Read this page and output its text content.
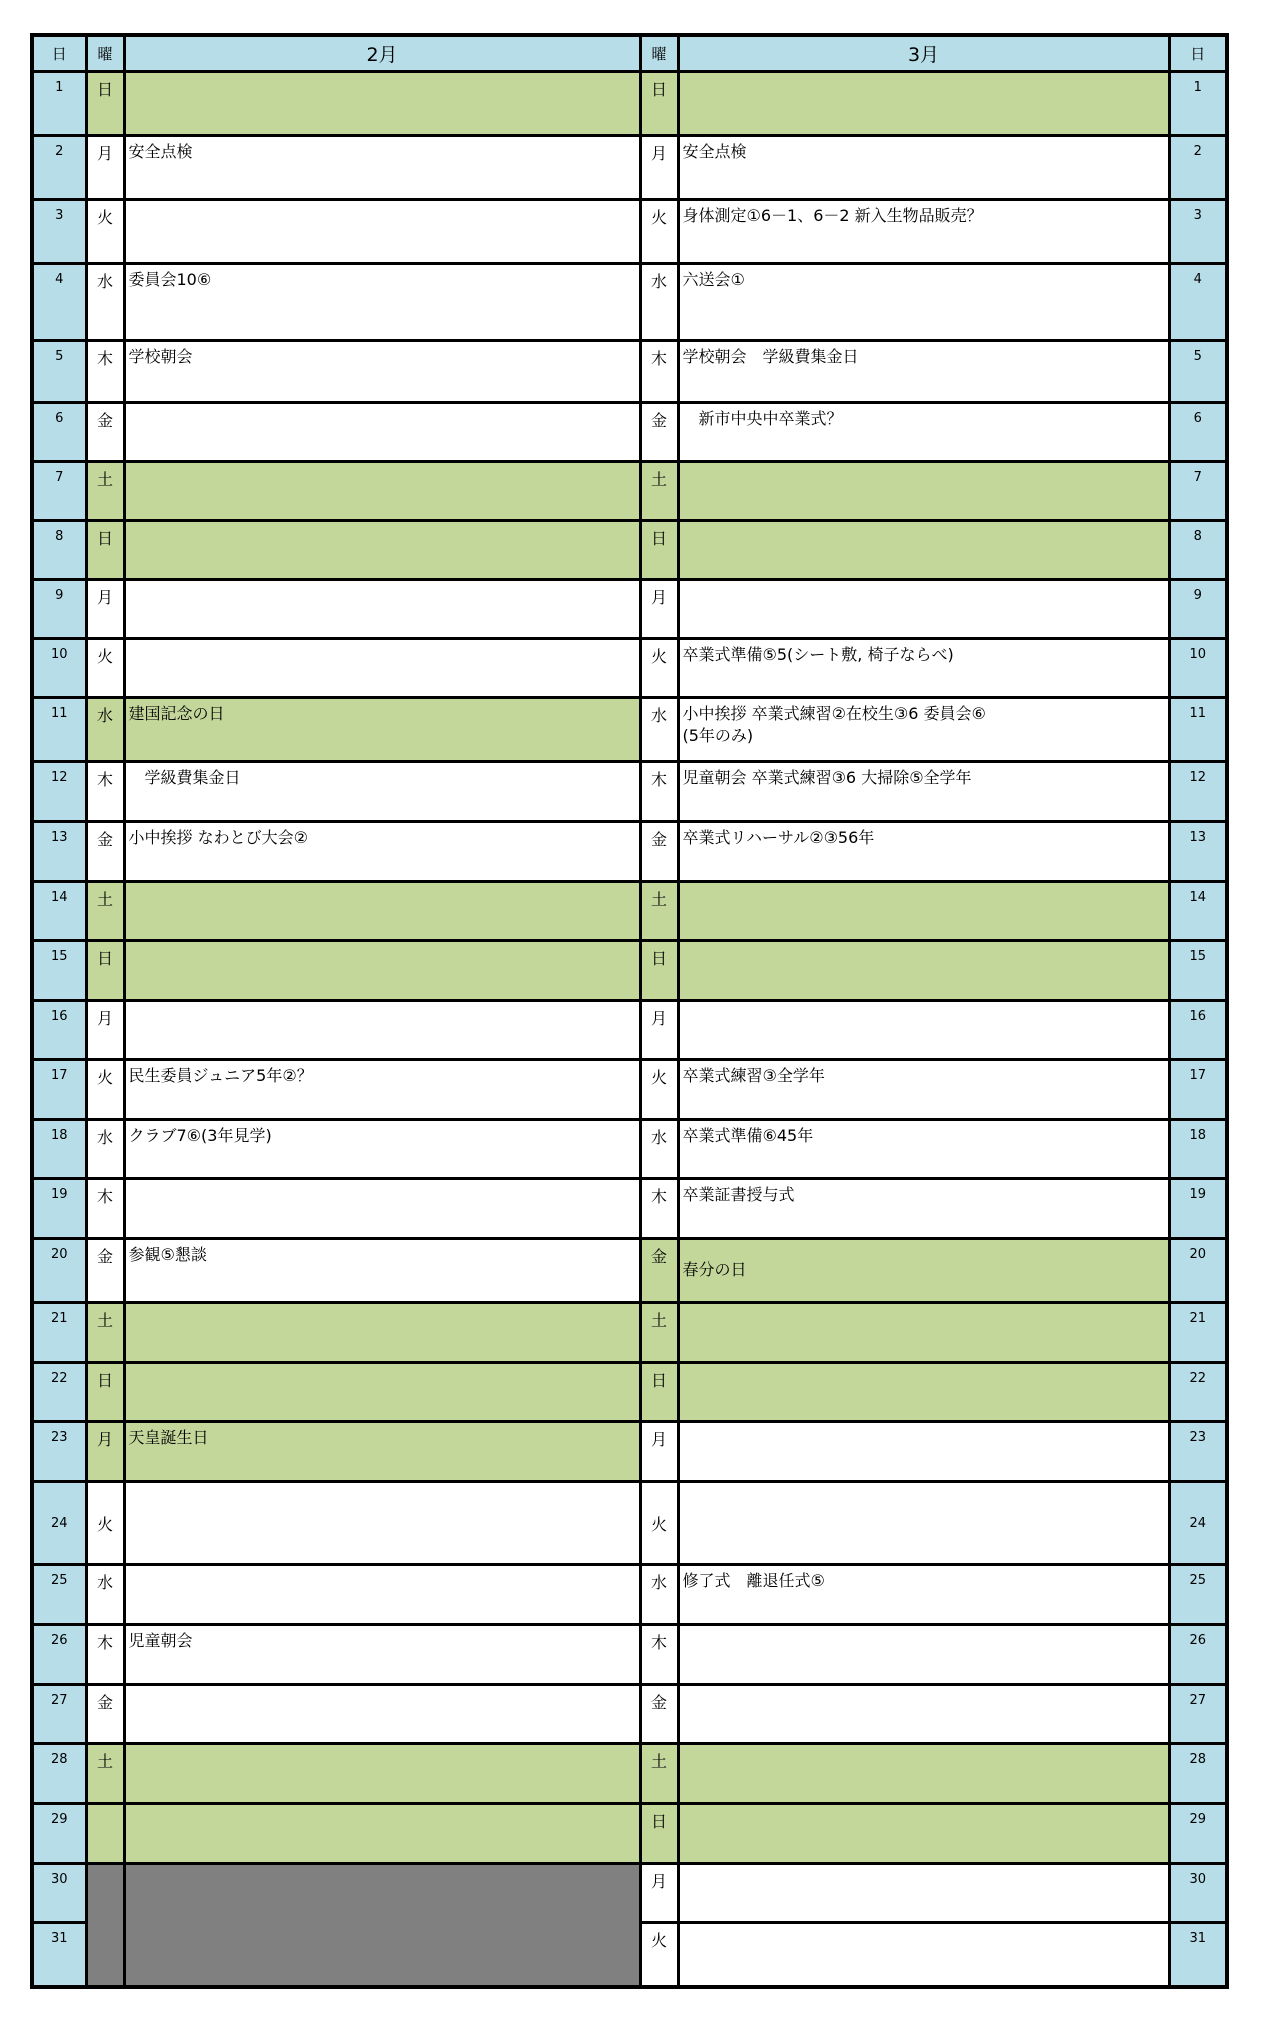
日	曜	2月	曜	3月	日
1	日		日		1
2	月	安全点検	月	安全点検	2
3	火		火	身体測定①6－1、6－2 新入生物品販売？	3
4	水	委員会10⑥	水	六送会①	4
5	木	学校朝会	木	学校朝会　学級費集金日	5
6	金		金	　新市中央中卒業式？	6
7	土		土		7
8	日		日		8
9	月		月		9
10	火		火	卒業式準備⑤5(シート敷, 椅子ならべ)	10
11	水	建国記念の日	水	小中挨拶 卒業式練習②在校生③6 委員会⑥
(5年のみ)	11
12	木	　学級費集金日	木	児童朝会 卒業式練習③6 大掃除⑤全学年	12
13	金	小中挨拶 なわとび大会②	金	卒業式リハーサル②③56年	13
14	土		土		14
15	日		日		15
16	月		月		16
17	火	民生委員ジュニア5年②？	火	卒業式練習③全学年	17
18	水	クラブ7⑥(3年見学)	水	卒業式準備⑥45年	18
19	木		木	卒業証書授与式	19
20	金	参観⑤懇談	金	春分の日	20
21	土		土		21
22	日		日		22
23	月	天皇誕生日	月		23
24	火		火		24
25	水		水	修了式　離退任式⑤	25
26	木	児童朝会	木		26
27	金		金		27
28	土		土		28
29			日		29
30			月		30
31			火		31
